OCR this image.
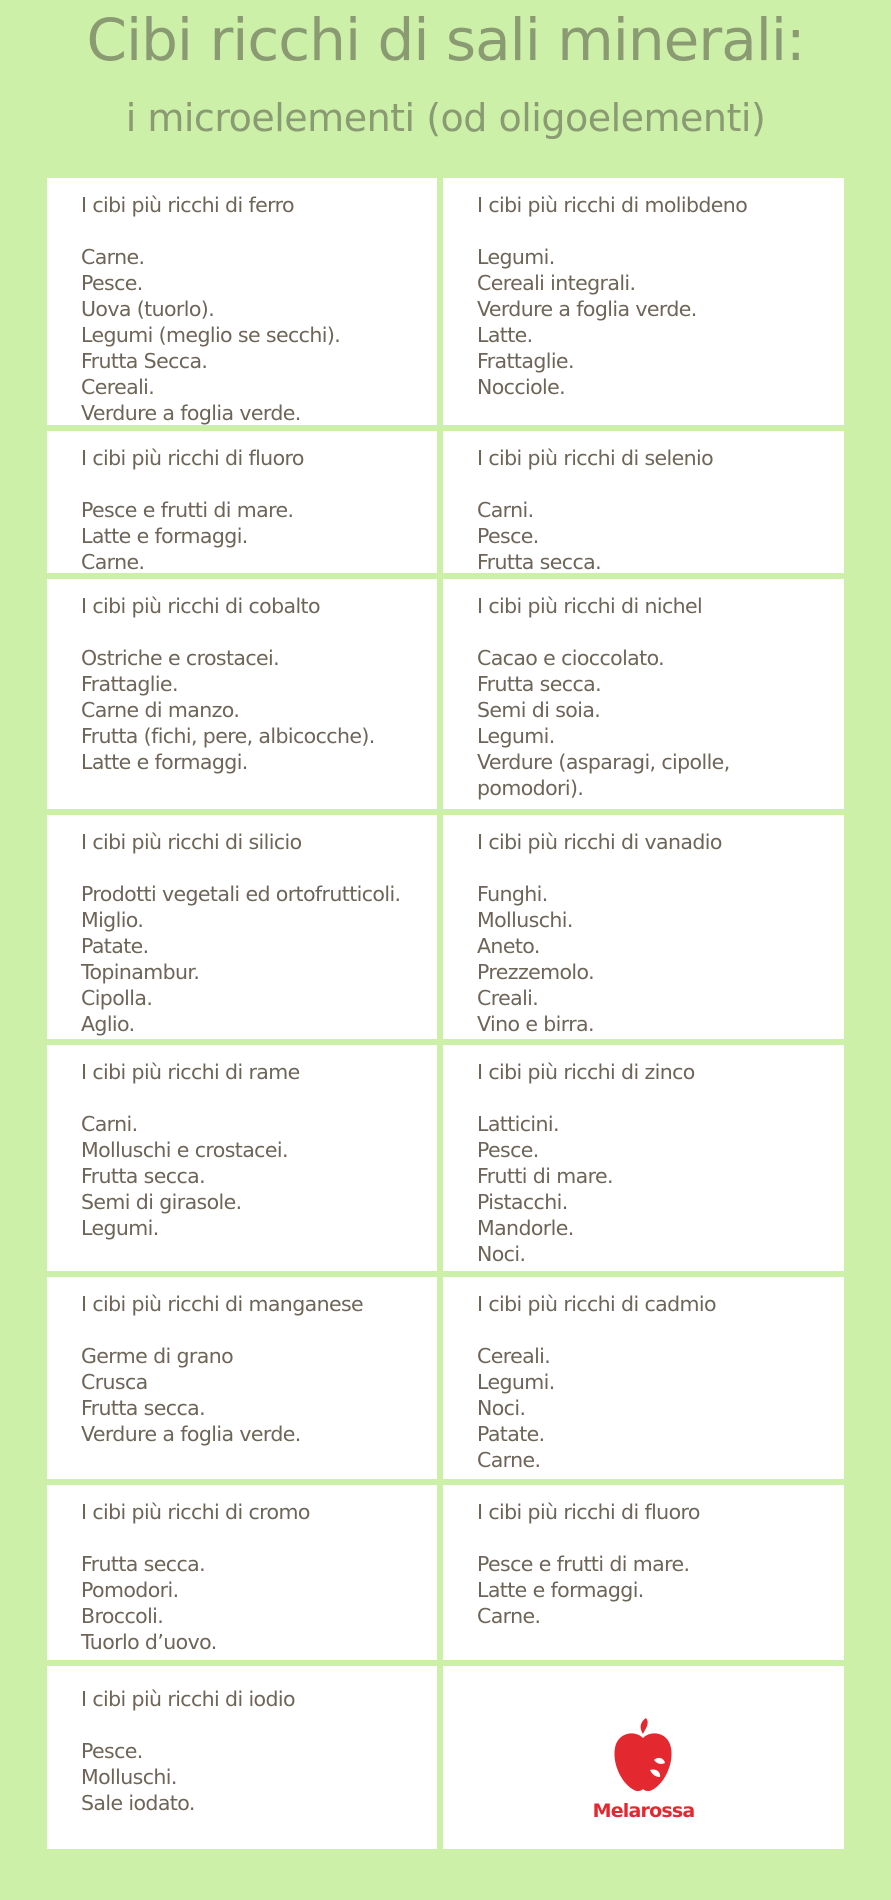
Cibi ricchi di sali minerali:
i microelementi (od oligoelementi)
I cibi più ricchi di ferro
Carne.
Pesce.
Uova (tuorlo).
Legumi (meglio se secchi).
Frutta Secca.
Cereali.
Verdure a foglia verde.
I cibi più ricchi di molibdeno
Legumi.
Cereali integrali.
Verdure a foglia verde.
Latte.
Frattaglie.
Nocciole.
I cibi più ricchi di fluoro
Pesce e frutti di mare.
Latte e formaggi.
Carne.
I cibi più ricchi di selenio
Carni.
Pesce.
Frutta secca.
I cibi più ricchi di cobalto
Ostriche e crostacei.
Frattaglie.
Carne di manzo.
Frutta (fichi, pere, albicocche).
Latte e formaggi.
I cibi più ricchi di nichel
Cacao e cioccolato.
Frutta secca.
Semi di soia.
Legumi.
Verdure (asparagi, cipolle, pomodori).
I cibi più ricchi di silicio
Prodotti vegetali ed ortofrutticoli.
Miglio.
Patate.
Topinambur.
Cipolla.
Aglio.
I cibi più ricchi di vanadio
Funghi.
Molluschi.
Aneto.
Prezzemolo.
Creali.
Vino e birra.
I cibi più ricchi di rame
Carni.
Molluschi e crostacei.
Frutta secca.
Semi di girasole.
Legumi.
I cibi più ricchi di zinco
Latticini.
Pesce.
Frutti di mare.
Pistacchi.
Mandorle.
Noci.
I cibi più ricchi di manganese
Germe di grano
Crusca
Frutta secca.
Verdure a foglia verde.
I cibi più ricchi di cadmio
Cereali.
Legumi.
Noci.
Patate.
Carne.
I cibi più ricchi di cromo
Frutta secca.
Pomodori.
Broccoli.
Tuorlo d’uovo.
I cibi più ricchi di fluoro
Pesce e frutti di mare.
Latte e formaggi.
Carne.
I cibi più ricchi di iodio
Pesce.
Molluschi.
Sale iodato.	Melarossa
